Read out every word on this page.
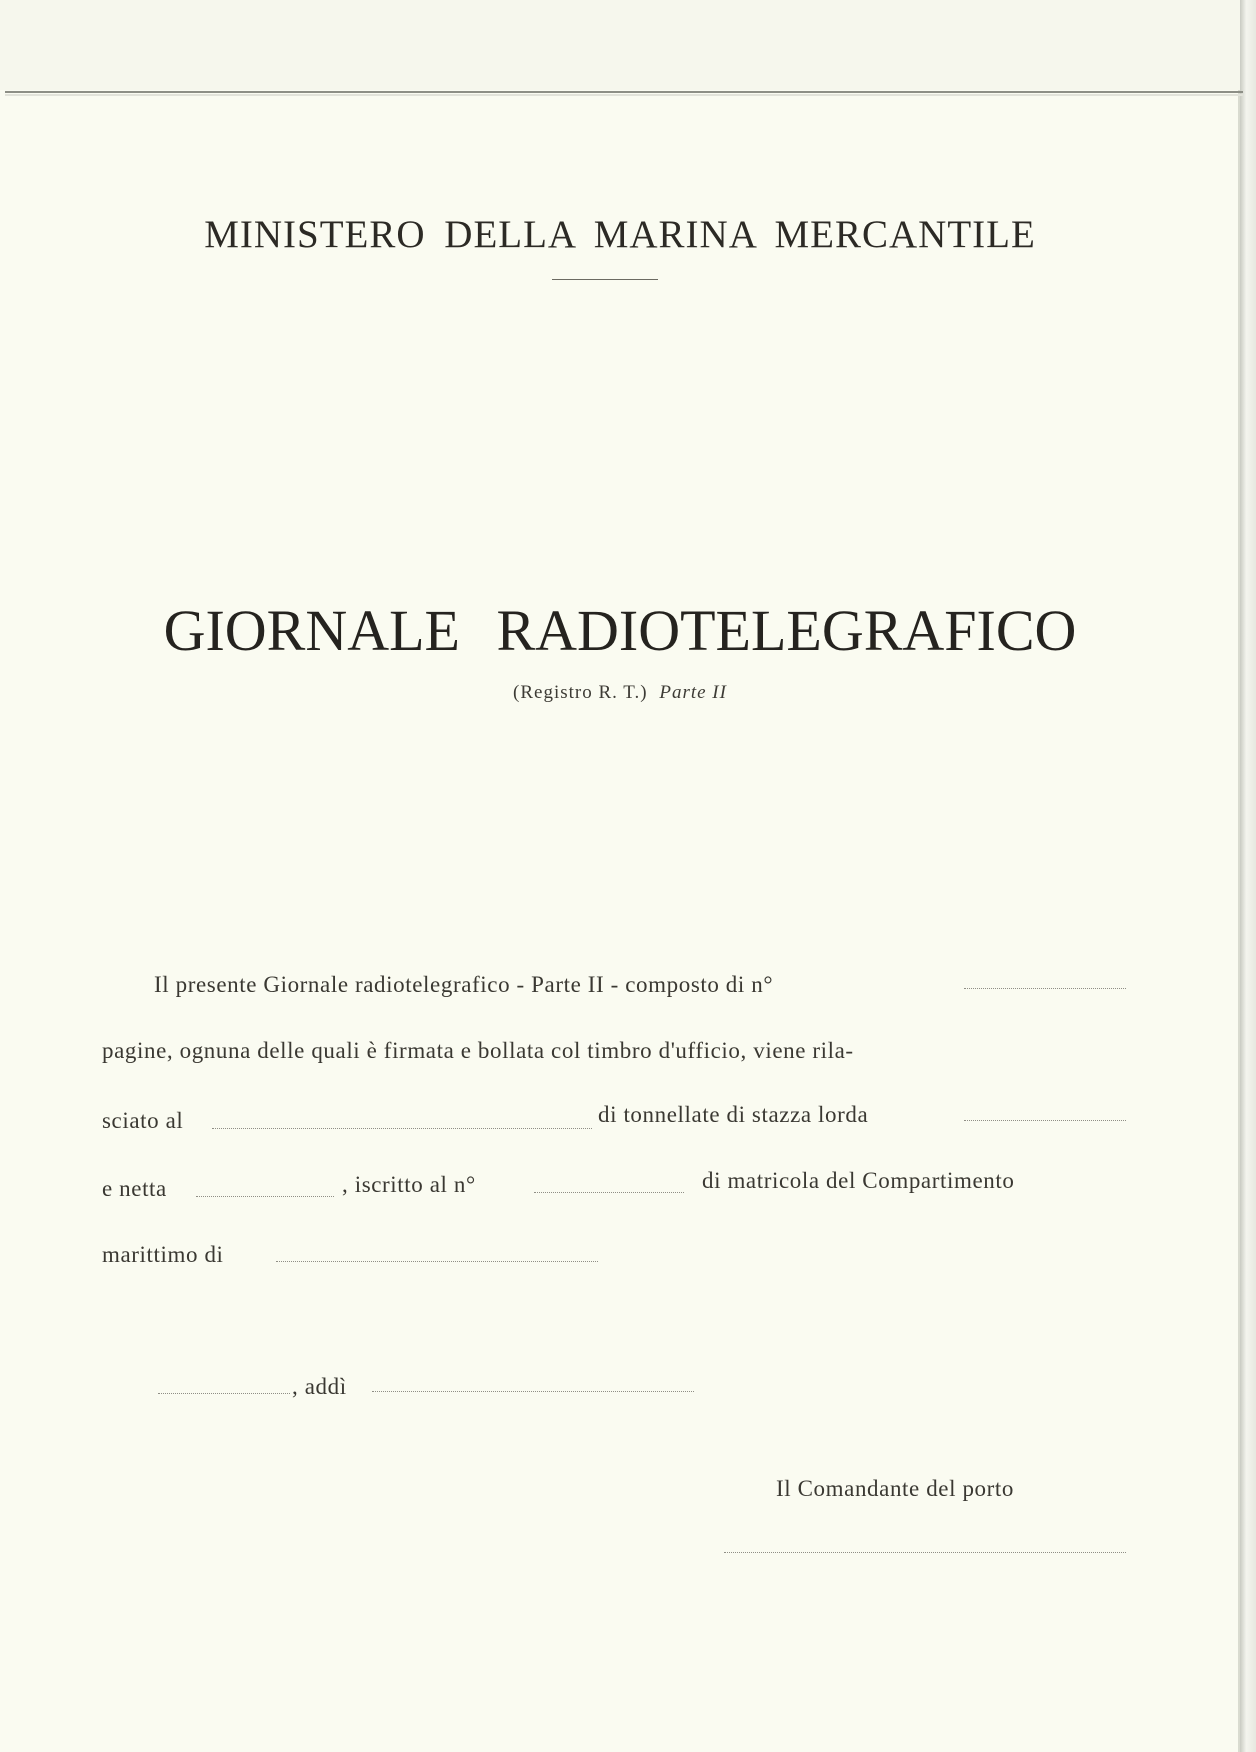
MINISTERO DELLA MARINA MERCANTILE
GIORNALE RADIOTELEGRAFICO
(Registro R. T.) Parte II
Il presente Giornale radiotelegrafico - Parte II - composto di n°
pagine, ognuna delle quali è firmata e bollata col timbro d'ufficio, viene rila-
sciato al	di tonnellate di stazza lorda
e netta	, iscritto al n°	di matricola del Compartimento
marittimo di
, addì
Il Comandante del porto
